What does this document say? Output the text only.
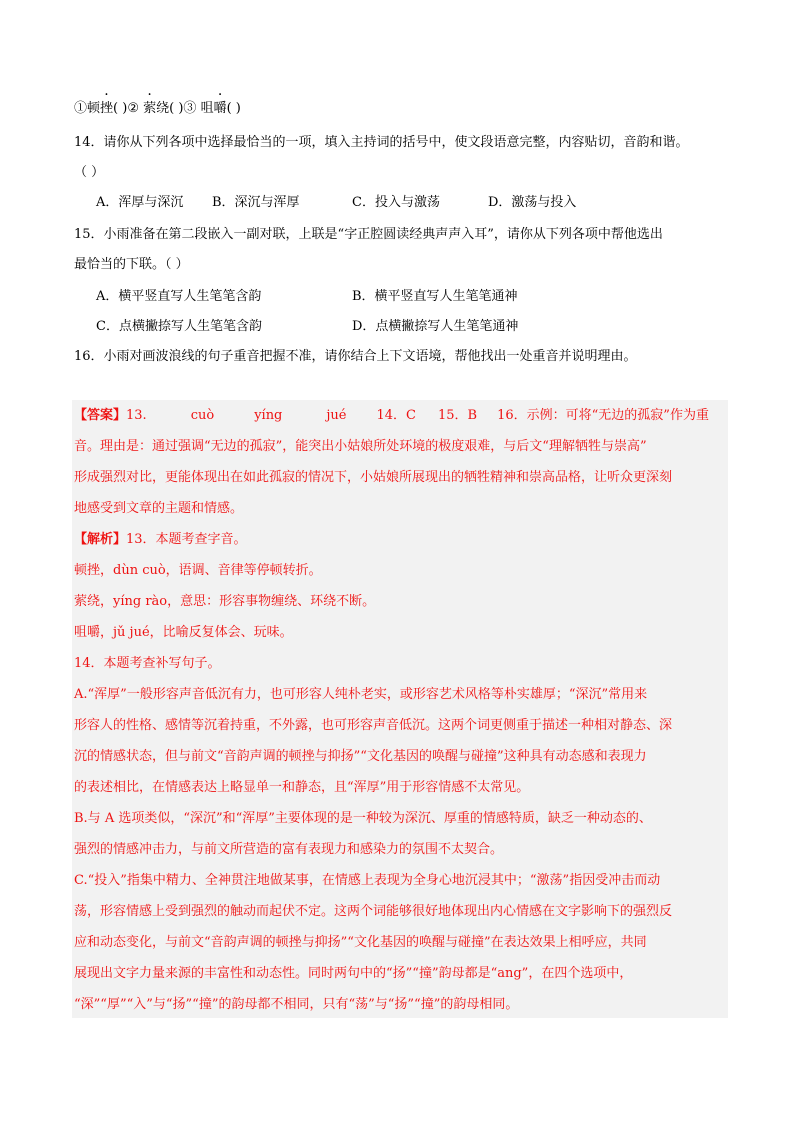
①顿挫( )② 萦绕( )③ 咀嚼( )
14．请你从下列各项中选择最恰当的一项，填入主持词的括号中，使文段语意完整，内容贴切，音韵和谐。
（ ）
A．浑厚与深沉 B．深沉与浑厚	C．投入与激荡	D．激荡与投入
15．小雨准备在第二段嵌入一副对联，上联是“字正腔圆读经典声声入耳”，请你从下列各项中帮他选出
最恰当的下联。（ ）
A．横平竖直写人生笔笔含韵	B．横平竖直写人生笔笔通神
C．点横撇捺写人生笔笔含韵	D．点横撇捺写人生笔笔通神
16．小雨对画波浪线的句子重音把握不准，请你结合上下文语境，帮他找出一处重音并说明理由。
【答案】13.	cuò	yíng	jué 14．C 15．B 16．示例：可将“无边的孤寂”作为重
音。理由是：通过强调“无边的孤寂”，能突出小姑娘所处环境的极度艰难，与后文“理解牺牲与崇高”
形成强烈对比，更能体现出在如此孤寂的情况下，小姑娘所展现出的牺牲精神和崇高品格，让听众更深刻
地感受到文章的主题和情感。
【解析】13．本题考查字音。
顿挫，dùn cuò，语调、音律等停顿转折。
萦绕，yíng rào，意思：形容事物缠绕、环绕不断。
咀嚼，jǔ jué，比喻反复体会、玩味。
14．本题考查补写句子。
A.“浑厚”一般形容声音低沉有力，也可形容人纯朴老实，或形容艺术风格等朴实雄厚；“深沉”常用来
形容人的性格、感情等沉着持重，不外露，也可形容声音低沉。这两个词更侧重于描述一种相对静态、深
沉的情感状态，但与前文“音韵声调的顿挫与抑扬”“文化基因的唤醒与碰撞”这种具有动态感和表现力
的表述相比，在情感表达上略显单一和静态，且“浑厚”用于形容情感不太常见。
B.与 A 选项类似，“深沉”和“浑厚”主要体现的是一种较为深沉、厚重的情感特质，缺乏一种动态的、
强烈的情感冲击力，与前文所营造的富有表现力和感染力的氛围不太契合。
C.“投入”指集中精力、全神贯注地做某事，在情感上表现为全身心地沉浸其中；“激荡”指因受冲击而动
荡，形容情感上受到强烈的触动而起伏不定。这两个词能够很好地体现出内心情感在文字影响下的强烈反
应和动态变化，与前文“音韵声调的顿挫与抑扬”“文化基因的唤醒与碰撞”在表达效果上相呼应，共同
展现出文字力量来源的丰富性和动态性。同时两句中的“扬”“撞”韵母都是“ang”，在四个选项中，
“深”“厚”“入”与“扬”“撞”的韵母都不相同，只有“荡”与“扬”“撞”的韵母相同。
